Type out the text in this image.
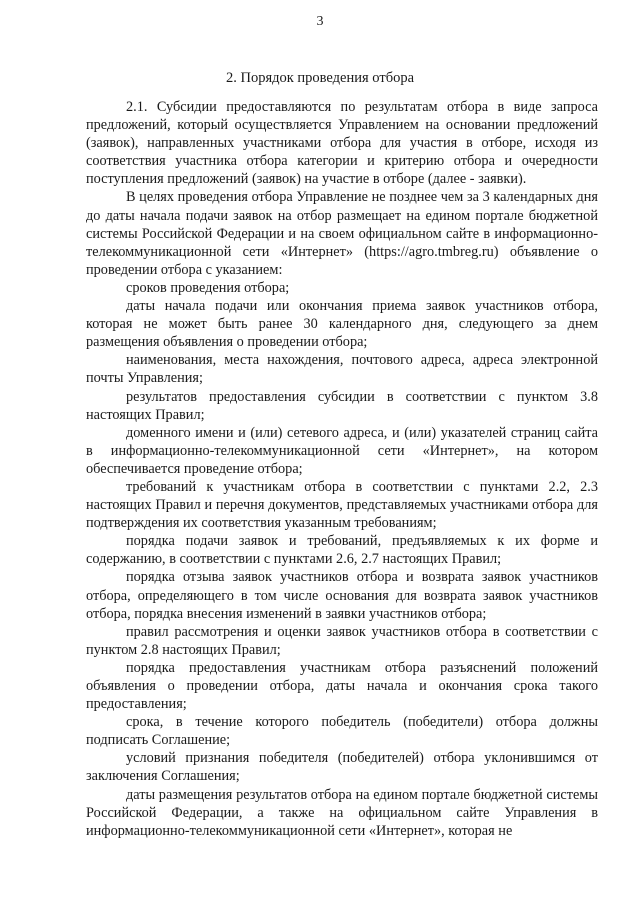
3
2. Порядок проведения отбора

2.1. Субсидии предоставляются по результатам отбора в виде запроса предложений, который осуществляется Управлением на основании предложений (заявок), направленных участниками отбора для участия в отборе, исходя из соответствия участника отбора категории и критерию отбора и очередности поступления предложений (заявок) на участие в отборе (далее - заявки).

В целях проведения отбора Управление не позднее чем за 3 календарных дня до даты начала подачи заявок на отбор размещает на едином портале бюджетной системы Российской Федерации и на своем официальном сайте в информационно-телекоммуникационной сети «Интернет» (https://agro.tmbreg.ru) объявление о проведении отбора с указанием:

сроков проведения отбора;

даты начала подачи или окончания приема заявок участников отбора, которая не может быть ранее 30 календарного дня, следующего за днем размещения объявления о проведении отбора;

наименования, места нахождения, почтового адреса, адреса электронной почты Управления;

результатов предоставления субсидии в соответствии с пунктом 3.8 настоящих Правил;

доменного имени и (или) сетевого адреса, и (или) указателей страниц сайта в информационно-телекоммуникационной сети «Интернет», на котором обеспечивается проведение отбора;

требований к участникам отбора в соответствии с пунктами 2.2, 2.3 настоящих Правил и перечня документов, представляемых участниками отбора для подтверждения их соответствия указанным требованиям;

порядка подачи заявок и требований, предъявляемых к их форме и содержанию, в соответствии с пунктами 2.6, 2.7 настоящих Правил;

порядка отзыва заявок участников отбора и возврата заявок участников отбора, определяющего в том числе основания для возврата заявок участников отбора, порядка внесения изменений в заявки участников отбора;

правил рассмотрения и оценки заявок участников отбора в соответствии с пунктом 2.8 настоящих Правил;

порядка предоставления участникам отбора разъяснений положений объявления о проведении отбора, даты начала и окончания срока такого предоставления;

срока, в течение которого победитель (победители) отбора должны подписать Соглашение;

условий признания победителя (победителей) отбора уклонившимся от заключения Соглашения;

даты размещения результатов отбора на едином портале бюджетной системы Российской Федерации, а также на официальном сайте Управления в информационно-телекоммуникационной сети «Интернет», которая не
